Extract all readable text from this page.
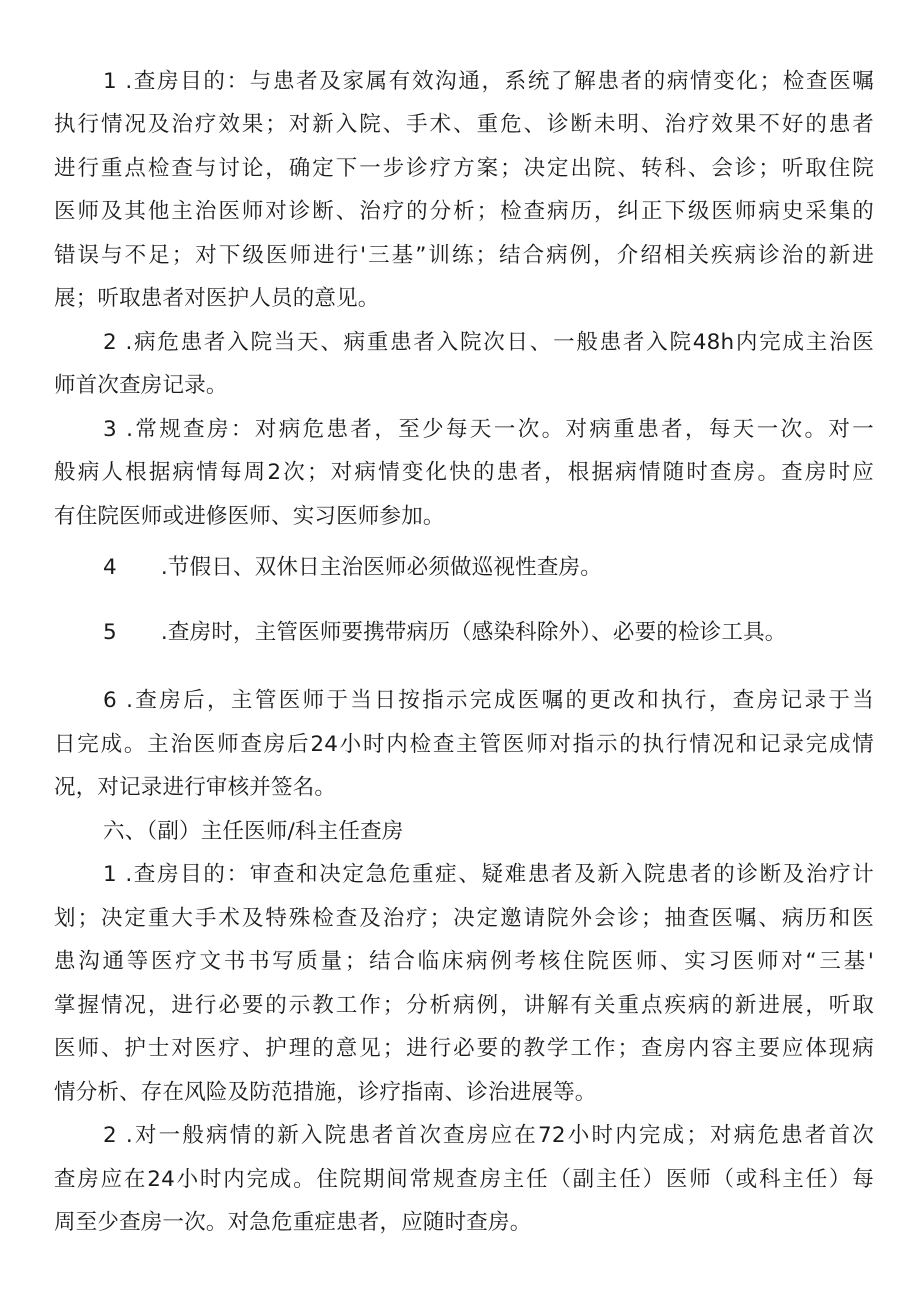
1 .查房目的：与患者及家属有效沟通，系统了解患者的病情变化；检查医嘱
执行情况及治疗效果；对新入院、手术、重危、诊断未明、治疗效果不好的患者
进行重点检查与讨论，确定下一步诊疗方案；决定出院、转科、会诊；听取住院
医师及其他主治医师对诊断、治疗的分析；检查病历，纠正下级医师病史采集的
错误与不足；对下级医师进行'三基”训练；结合病例，介绍相关疾病诊治的新进
展；听取患者对医护人员的意见。
2 .病危患者入院当天、病重患者入院次日、一般患者入院48h内完成主治医
师首次查房记录。
3 .常规查房：对病危患者，至少每天一次。对病重患者，每天一次。对一
般病人根据病情每周2次；对病情变化快的患者，根据病情随时查房。查房时应
有住院医师或进修医师、实习医师参加。
4 .节假日、双休日主治医师必须做巡视性查房。
5 .查房时，主管医师要携带病历（感染科除外）、必要的检诊工具。
6 .查房后，主管医师于当日按指示完成医嘱的更改和执行，查房记录于当
日完成。主治医师查房后24小时内检查主管医师对指示的执行情况和记录完成情
况，对记录进行审核并签名。
六、（副）主任医师/科主任查房
1 .查房目的：审查和决定急危重症、疑难患者及新入院患者的诊断及治疗计
划；决定重大手术及特殊检查及治疗；决定邀请院外会诊；抽查医嘱、病历和医
患沟通等医疗文书书写质量；结合临床病例考核住院医师、实习医师对“三基'
掌握情况，进行必要的示教工作；分析病例，讲解有关重点疾病的新进展，听取
医师、护士对医疗、护理的意见；进行必要的教学工作；查房内容主要应体现病
情分析、存在风险及防范措施，诊疗指南、诊治进展等。
2 .对一般病情的新入院患者首次查房应在72小时内完成；对病危患者首次
查房应在24小时内完成。住院期间常规查房主任（副主任）医师（或科主任）每
周至少查房一次。对急危重症患者，应随时查房。
